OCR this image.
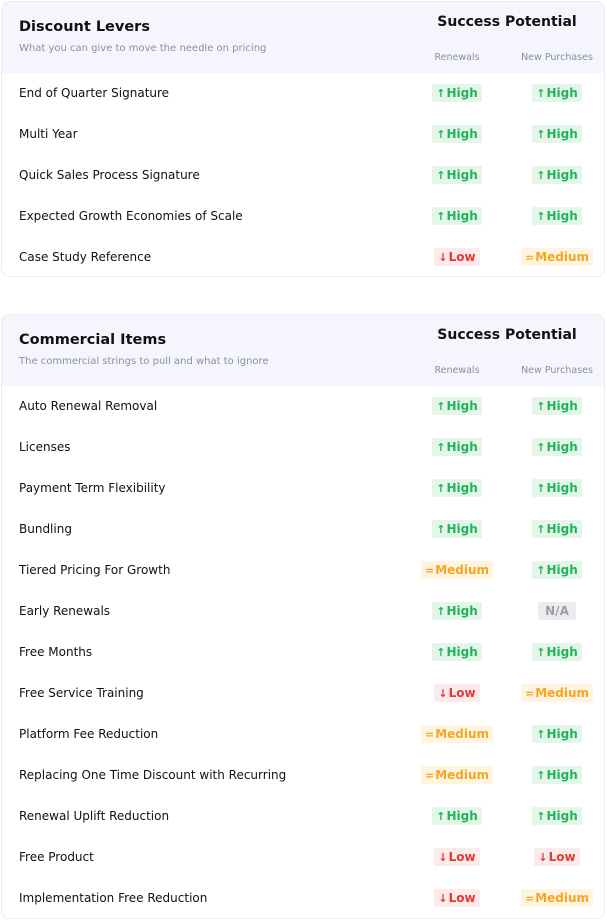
Discount Levers
What you can give to move the needle on pricing
Success Potential
Renewals	New Purchases
End of Quarter Signature	↑ High	↑ High
Multi Year	↑ High	↑ High
Quick Sales Process Signature	↑ High	↑ High
Expected Growth Economies of Scale	↑ High	↑ High
Case Study Reference	↓ Low	= Medium
Commercial Items
The commercial strings to pull and what to ignore
Success Potential
Renewals	New Purchases
Auto Renewal Removal	↑ High	↑ High
Licenses	↑ High	↑ High
Payment Term Flexibility	↑ High	↑ High
Bundling	↑ High	↑ High
Tiered Pricing For Growth	= Medium	↑ High
Early Renewals	↑ High	N/A
Free Months	↑ High	↑ High
Free Service Training	↓ Low	= Medium
Platform Fee Reduction	= Medium	↑ High
Replacing One Time Discount with Recurring	= Medium	↑ High
Renewal Uplift Reduction	↑ High	↑ High
Free Product	↓ Low	↓ Low
Implementation Free Reduction	↓ Low	= Medium
